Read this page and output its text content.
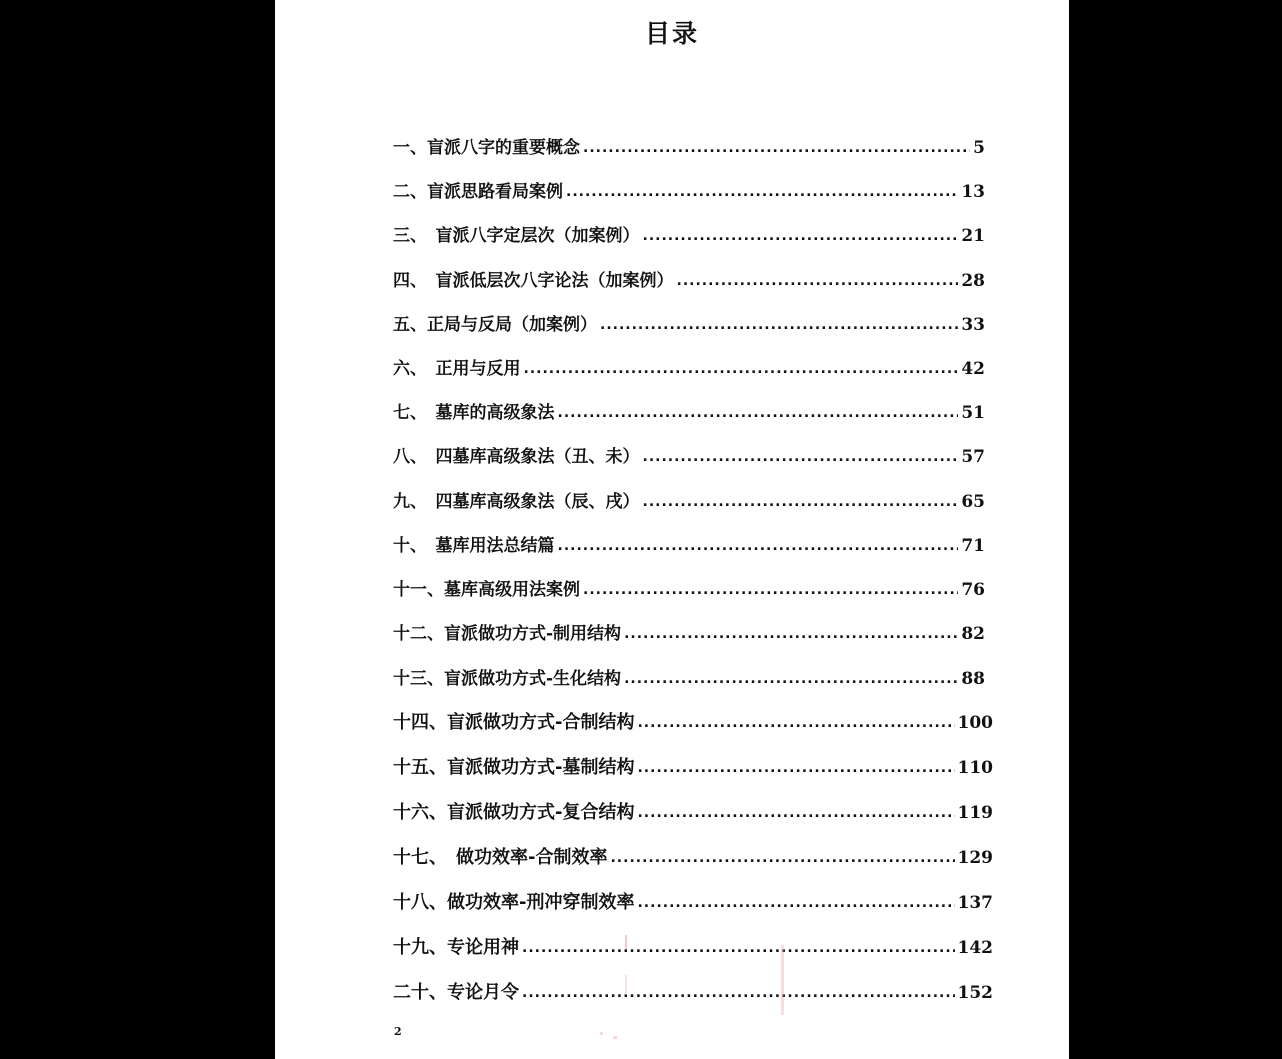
目录
一、 盲派八字的重要概念 .....	5
二、 盲派思路看局案例 .....	13
三、　 盲派八字定层次（加案例） .....	21
四、　 盲派低层次八字论法（加案例） .....	28
五、 正局与反局（加案例） .....	33
六、　 正用与反用 .....	42
七、　 墓库的高级象法 .....	51
八、　 四墓库高级象法（丑、未） .....	57
九、　 四墓库高级象法（辰、戌） .....	65
十、　 墓库用法总结篇 .....	71
十一、 墓库高级用法案例 .....	76
十二、 盲派做功方式-制用结构 .....	82
十三、 盲派做功方式-生化结构 .....	88
十四、 盲派做功方式-合制结构 .....	100
十五、 盲派做功方式-墓制结构 .....	110
十六、 盲派做功方式-复合结构 .....	119
十七、　 做功效率-合制效率 .....	129
十八、 做功效率-刑冲穿制效率 .....	137
十九、 专论用神 .....	142
二十、 专论月令 .....	152
2
